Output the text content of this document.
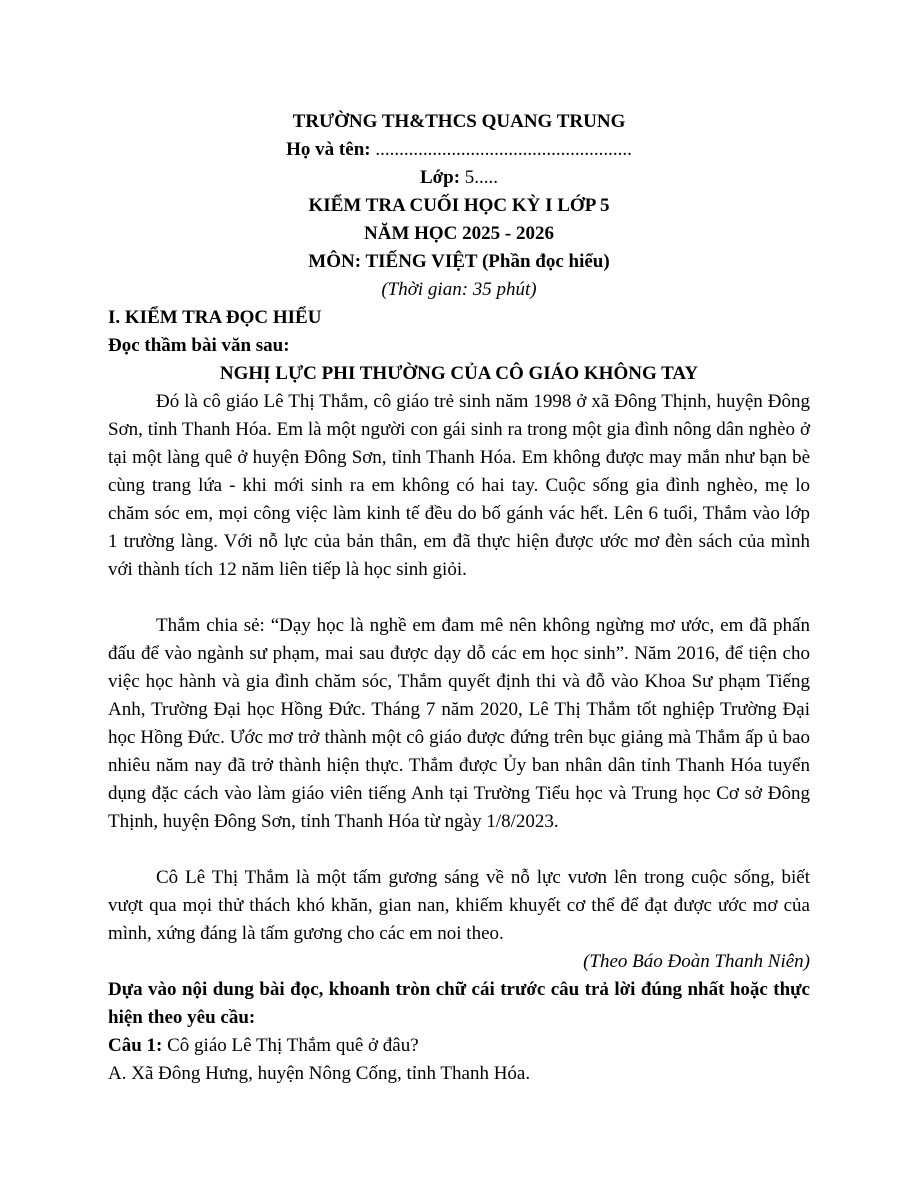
TRƯỜNG TH&THCS QUANG TRUNG
Họ và tên: ......................................................
Lớp: 5.....
KIỂM TRA CUỐI HỌC KỲ I LỚP 5
NĂM HỌC 2025 - 2026
MÔN: TIẾNG VIỆT (Phần đọc hiểu)
(Thời gian: 35 phút)
I. KIỂM TRA ĐỌC HIỂU
Đọc thầm bài văn sau:
NGHỊ LỰC PHI THƯỜNG CỦA CÔ GIÁO KHÔNG TAY
Đó là cô giáo Lê Thị Thắm, cô giáo trẻ sinh năm 1998 ở xã Đông Thịnh, huyện Đông Sơn, tỉnh Thanh Hóa. Em là một người con gái sinh ra trong một gia đình nông dân nghèo ở tại một làng quê ở huyện Đông Sơn, tỉnh Thanh Hóa. Em không được may mắn như bạn bè cùng trang lứa - khi mới sinh ra em không có hai tay. Cuộc sống gia đình nghèo, mẹ lo chăm sóc em, mọi công việc làm kinh tế đều do bố gánh vác hết. Lên 6 tuổi, Thắm vào lớp 1 trường làng. Với nỗ lực của bản thân, em đã thực hiện được ước mơ đèn sách của mình với thành tích 12 năm liên tiếp là học sinh giỏi.
Thắm chia sẻ: “Dạy học là nghề em đam mê nên không ngừng mơ ước, em đã phấn đấu để vào ngành sư phạm, mai sau được dạy dỗ các em học sinh”. Năm 2016, để tiện cho việc học hành và gia đình chăm sóc, Thắm quyết định thi và đỗ vào Khoa Sư phạm Tiếng Anh, Trường Đại học Hồng Đức. Tháng 7 năm 2020, Lê Thị Thắm tốt nghiệp Trường Đại học Hồng Đức. Ước mơ trở thành một cô giáo được đứng trên bục giảng mà Thắm ấp ủ bao nhiêu năm nay đã trở thành hiện thực. Thắm được Ủy ban nhân dân tỉnh Thanh Hóa tuyển dụng đặc cách vào làm giáo viên tiếng Anh tại Trường Tiểu học và Trung học Cơ sở Đông Thịnh, huyện Đông Sơn, tỉnh Thanh Hóa từ ngày 1/8/2023.
Cô Lê Thị Thắm là một tấm gương sáng về nỗ lực vươn lên trong cuộc sống, biết vượt qua mọi thử thách khó khăn, gian nan, khiếm khuyết cơ thể để đạt được ước mơ của mình, xứng đáng là tấm gương cho các em noi theo.
(Theo Báo Đoàn Thanh Niên)
Dựa vào nội dung bài đọc, khoanh tròn chữ cái trước câu trả lời đúng nhất hoặc thực hiện theo yêu cầu:
Câu 1: Cô giáo Lê Thị Thắm quê ở đâu?
A. Xã Đông Hưng, huyện Nông Cống, tỉnh Thanh Hóa.
